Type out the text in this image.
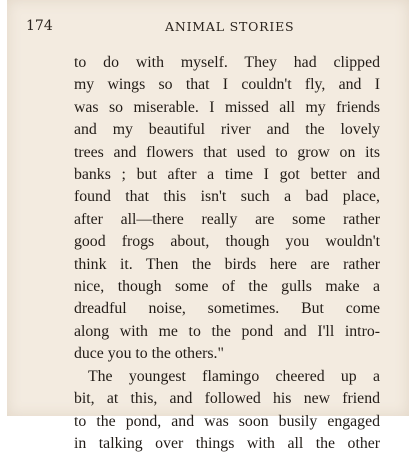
174	ANIMAL STORIES
to do with myself. They had clipped
my wings so that I couldn't fly, and I
was so miserable. I missed all my friends
and my beautiful river and the lovely
trees and flowers that used to grow on its
banks ; but after a time I got better and
found that this isn't such a bad place,
after all—there really are some rather
good frogs about, though you wouldn't
think it. Then the birds here are rather
nice, though some of the gulls make a
dreadful noise, sometimes. But come
along with me to the pond and I'll intro-
duce you to the others."
The youngest flamingo cheered up a
bit, at this, and followed his new friend
to the pond, and was soon busily engaged
in talking over things with all the other
